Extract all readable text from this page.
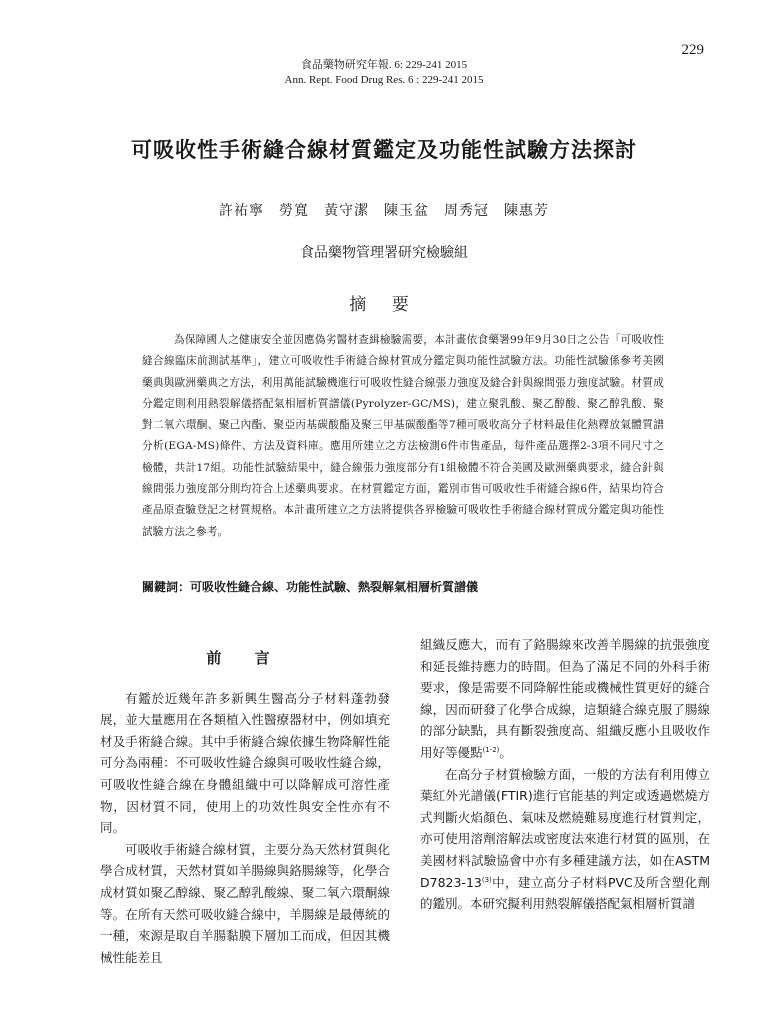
229
食品藥物研究年報. 6: 229-241 2015
Ann. Rept. Food Drug Res. 6 : 229-241 2015
可吸收性手術縫合線材質鑑定及功能性試驗方法探討
許祐寧　勞寬　黃守潔　陳玉盆　周秀冠　陳惠芳
食品藥物管理署研究檢驗組
摘 要

為保障國人之健康安全並因應偽劣醫材查緝檢驗需要，本計畫依食藥署99年9月30日之公告「可吸收性縫合線臨床前測試基準」，建立可吸收性手術縫合線材質成分鑑定與功能性試驗方法。功能性試驗係參考美國藥典與歐洲藥典之方法，利用萬能試驗機進行可吸收性縫合線張力強度及縫合針與線間張力強度試驗。材質成分鑑定則利用熱裂解儀搭配氣相層析質譜儀(Pyrolyzer-GC/MS)，建立聚乳酸、聚乙醇酸、聚乙醇乳酸、聚對二氧六環酮、聚己內酯、聚亞丙基碳酸酯及聚三甲基碳酸酯等7種可吸收高分子材料最佳化熱釋放氣體質譜分析(EGA-MS)條件、方法及資料庫。應用所建立之方法檢測6件市售產品，每件產品選擇2-3項不同尺寸之檢體，共計17組。功能性試驗結果中，縫合線張力強度部分有1組檢體不符合美國及歐洲藥典要求，縫合針與線間張力強度部分則均符合上述藥典要求。在材質鑑定方面，鑑別市售可吸收性手術縫合線6件，結果均符合產品原查驗登記之材質規格。本計畫所建立之方法將提供各界檢驗可吸收性手術縫合線材質成分鑑定與功能性試驗方法之參考。

關鍵詞：可吸收性縫合線、功能性試驗、熱裂解氣相層析質譜儀
前 言

有鑑於近幾年許多新興生醫高分子材料蓬勃發展，並大量應用在各類植入性醫療器材中，例如填充材及手術縫合線。其中手術縫合線依據生物降解性能可分為兩種：不可吸收性縫合線與可吸收性縫合線，可吸收性縫合線在身體組織中可以降解成可溶性產物，因材質不同，使用上的功效性與安全性亦有不同。

可吸收手術縫合線材質，主要分為天然材質與化學合成材質，天然材質如羊腸線與鉻腸線等，化學合成材質如聚乙醇線、聚乙醇乳酸線、聚二氧六環酮線等。在所有天然可吸收縫合線中，羊腸線是最傳統的一種，來源是取自羊腸黏膜下層加工而成，但因其機械性能差且

組織反應大，而有了鉻腸線來改善羊腸線的抗張強度和延長維持應力的時間。但為了滿足不同的外科手術要求，像是需要不同降解性能或機械性質更好的縫合線，因而研發了化學合成線，這類縫合線克服了腸線的部分缺點，具有斷裂強度高、組織反應小且吸收作用好等優點$^{(1-2)}$。

在高分子材質檢驗方面，一般的方法有利用傅立葉紅外光譜儀(FTIR)進行官能基的判定或透過燃燒方式判斷火焰顏色、氣味及燃燒難易度進行材質判定，亦可使用溶劑溶解法或密度法來進行材質的區別，在美國材料試驗協會中亦有多種建議方法，如在ASTM D7823-13$^{(3)}$中，建立高分子材料PVC及所含塑化劑的鑑別。本研究擬利用熱裂解儀搭配氣相層析質譜
